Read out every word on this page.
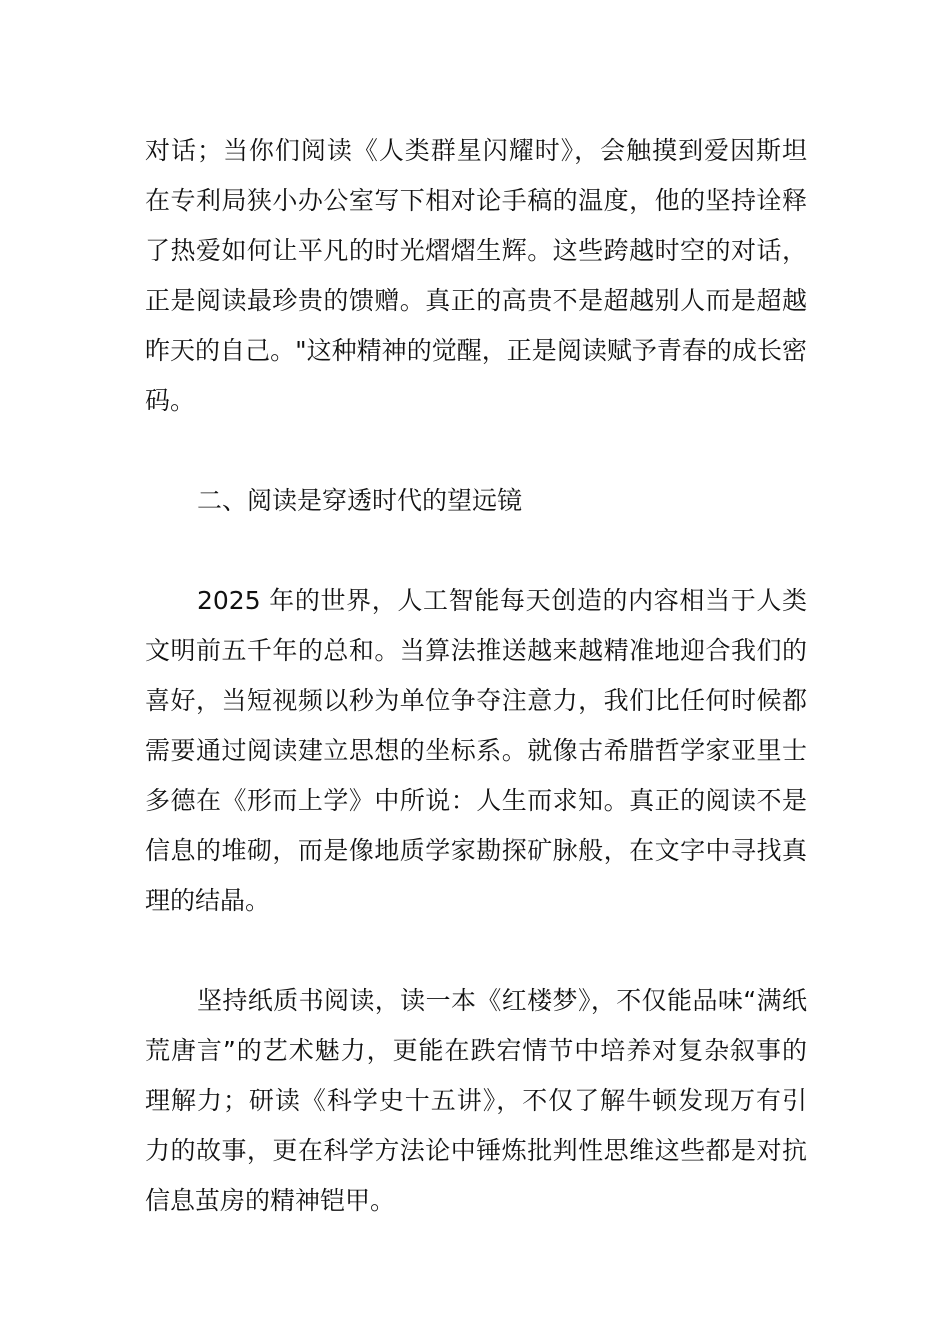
对话；当你们阅读《人类群星闪耀时》，会触摸到爱因斯坦在专利局狭小办公室写下相对论手稿的温度，他的坚持诠释了热爱如何让平凡的时光熠熠生辉。这些跨越时空的对话，正是阅读最珍贵的馈赠。真正的高贵不是超越别人而是超越昨天的自己。"这种精神的觉醒，正是阅读赋予青春的成长密码。

二、阅读是穿透时代的望远镜

2025 年的世界，人工智能每天创造的内容相当于人类文明前五千年的总和。当算法推送越来越精准地迎合我们的喜好，当短视频以秒为单位争夺注意力，我们比任何时候都需要通过阅读建立思想的坐标系。就像古希腊哲学家亚里士多德在《形而上学》中所说：人生而求知。真正的阅读不是信息的堆砌，而是像地质学家勘探矿脉般，在文字中寻找真理的结晶。

坚持纸质书阅读，读一本《红楼梦》，不仅能品味“满纸荒唐言”的艺术魅力，更能在跌宕情节中培养对复杂叙事的理解力；研读《科学史十五讲》，不仅了解牛顿发现万有引力的故事，更在科学方法论中锤炼批判性思维这些都是对抗信息茧房的精神铠甲。
